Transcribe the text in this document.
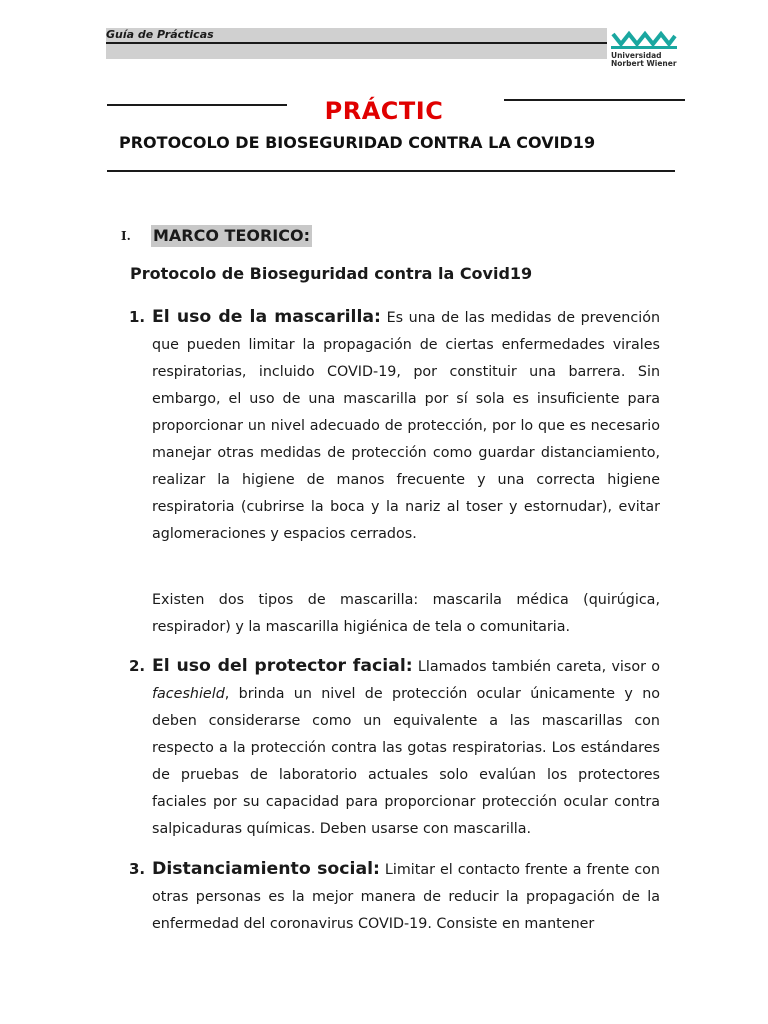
Guía de Prácticas
Universidad
Norbert Wiener
PRÁCTIC
PROTOCOLO DE BIOSEGURIDAD CONTRA LA COVID19
I. MARCO TEORICO:
Protocolo de Bioseguridad contra la Covid19
1. El uso de la mascarilla: Es una de las medidas de prevención que pueden limitar la propagación de ciertas enfermedades virales respiratorias, incluido COVID-19, por constituir una barrera. Sin embargo, el uso de una mascarilla por sí sola es insuficiente para proporcionar un nivel adecuado de protección, por lo que es necesario manejar otras medidas de protección como guardar distanciamiento, realizar la higiene de manos frecuente y una correcta higiene respiratoria (cubrirse la boca y la nariz al toser y estornudar), evitar aglomeraciones y espacios cerrados.
Existen dos tipos de mascarilla: mascarila médica (quirúgica, respirador) y la mascarilla higiénica de tela o comunitaria.
2. El uso del protector facial: Llamados también careta, visor o faceshield, brinda un nivel de protección ocular únicamente y no deben considerarse como un equivalente a las mascarillas con respecto a la protección contra las gotas respiratorias. Los estándares de pruebas de laboratorio actuales solo evalúan los protectores faciales por su capacidad para proporcionar protección ocular contra salpicaduras químicas. Deben usarse con mascarilla.
3. Distanciamiento social: Limitar el contacto frente a frente con otras personas es la mejor manera de reducir la propagación de la enfermedad del coronavirus COVID-19. Consiste en mantener
